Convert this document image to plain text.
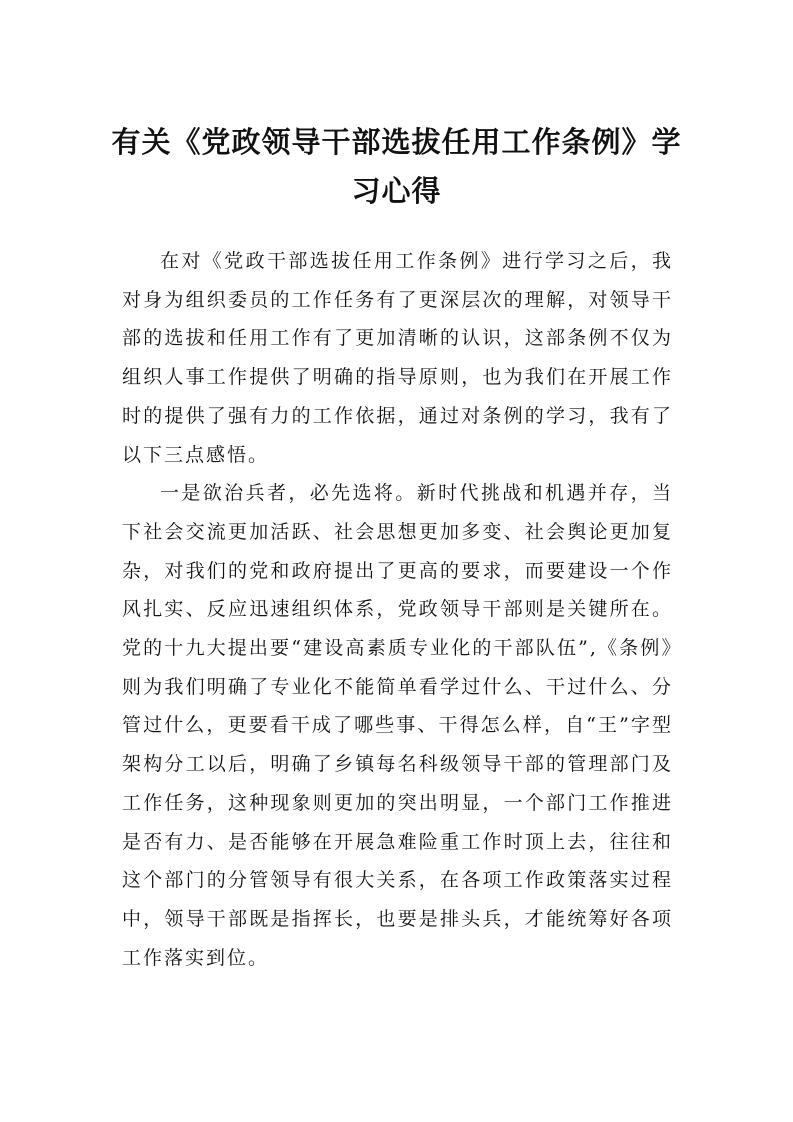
有关《党政领导干部选拔任用工作条例》学习心得

在对《党政干部选拔任用工作条例》进行学习之后，我对身为组织委员的工作任务有了更深层次的理解，对领导干部的选拔和任用工作有了更加清晰的认识，这部条例不仅为组织人事工作提供了明确的指导原则，也为我们在开展工作时的提供了强有力的工作依据，通过对条例的学习，我有了以下三点感悟。

一是欲治兵者，必先选将。新时代挑战和机遇并存，当下社会交流更加活跃、社会思想更加多变、社会舆论更加复杂，对我们的党和政府提出了更高的要求，而要建设一个作风扎实、反应迅速组织体系，党政领导干部则是关键所在。党的十九大提出要“建设高素质专业化的干部队伍”,《条例》则为我们明确了专业化不能简单看学过什么、干过什么、分管过什么，更要看干成了哪些事、干得怎么样，自“王”字型架构分工以后，明确了乡镇每名科级领导干部的管理部门及工作任务，这种现象则更加的突出明显，一个部门工作推进是否有力、是否能够在开展急难险重工作时顶上去，往往和这个部门的分管领导有很大关系，在各项工作政策落实过程中，领导干部既是指挥长，也要是排头兵，才能统筹好各项工作落实到位。
